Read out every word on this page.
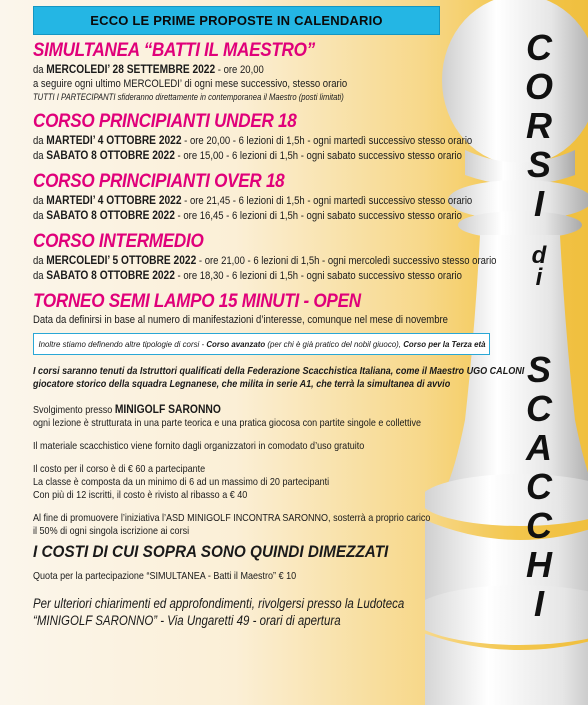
C
O
R
S
I
d
i
S
C
A
C
C
H
I
ECCO LE PRIME PROPOSTE IN CALENDARIO
SIMULTANEA “BATTI IL MAESTRO”
da MERCOLEDI’ 28 SETTEMBRE 2022 - ore 20,00
a seguire ogni ultimo MERCOLEDI’ di ogni mese successivo, stesso orario
TUTTI I PARTECIPANTI sfideranno direttamente in contemporanea il Maestro (posti limitati)
CORSO PRINCIPIANTI UNDER 18
da MARTEDI’ 4 OTTOBRE 2022 - ore 20,00 - 6 lezioni di 1,5h - ogni martedì successivo stesso orario
da SABATO 8 OTTOBRE 2022 - ore 15,00 - 6 lezioni di 1,5h - ogni sabato successivo stesso orario
CORSO PRINCIPIANTI OVER 18
da MARTEDI’ 4 OTTOBRE 2022 - ore 21,45 - 6 lezioni di 1,5h - ogni martedì successivo stesso orario
da SABATO 8 OTTOBRE 2022 - ore 16,45 - 6 lezioni di 1,5h - ogni sabato successivo stesso orario
CORSO INTERMEDIO
da MERCOLEDI’ 5 OTTOBRE 2022 - ore 21,00 - 6 lezioni di 1,5h - ogni mercoledì successivo stesso orario
da SABATO 8 OTTOBRE 2022 - ore 18,30 - 6 lezioni di 1,5h - ogni sabato successivo stesso orario
TORNEO SEMI LAMPO 15 MINUTI - OPEN
Data da definirsi in base al numero di manifestazioni d’interesse, comunque nel mese di novembre
Inoltre stiamo definendo altre tipologie di corsi - Corso avanzato (per chi è già pratico del nobil giuoco), Corso per la Terza età
I corsi saranno tenuti da Istruttori qualificati della Federazione Scacchistica Italiana, come il Maestro UGO CALONI
giocatore storico della squadra Legnanese, che milita in serie A1, che terrà la simultanea di avvio
Svolgimento presso MINIGOLF SARONNO
ogni lezione è strutturata in una parte teorica e una pratica giocosa con partite singole e collettive
Il materiale scacchistico viene fornito dagli organizzatori in comodato d’uso gratuito
Il costo per il corso è di € 60 a partecipante
La classe è composta da un minimo di 6 ad un massimo di 20 partecipanti
Con più di 12 iscritti, il costo è rivisto al ribasso a € 40
Al fine di promuovere l’iniziativa l’ASD MINIGOLF INCONTRA SARONNO, sosterrà a proprio carico
il 50% di ogni singola iscrizione ai corsi
I COSTI DI CUI SOPRA SONO QUINDI DIMEZZATI
Quota per la partecipazione “SIMULTANEA - Batti il Maestro” € 10
Per ulteriori chiarimenti ed approfondimenti, rivolgersi presso la Ludoteca
“MINIGOLF SARONNO” - Via Ungaretti 49 - orari di apertura
